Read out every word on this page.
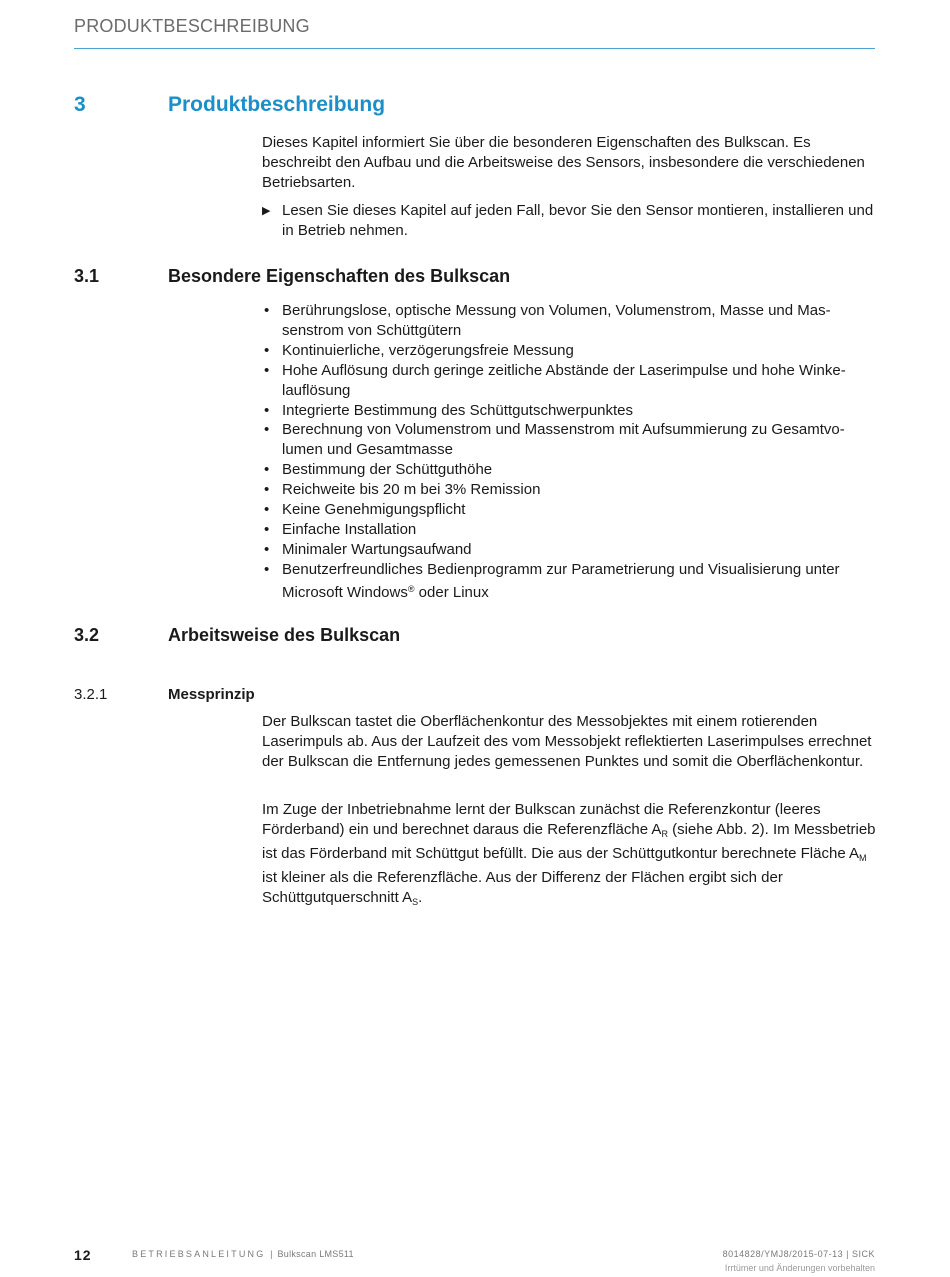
PRODUKTBESCHREIBUNG
3	Produktbeschreibung

Dieses Kapitel informiert Sie über die besonderen Eigenschaften des Bulkscan. Es beschreibt den Aufbau und die Arbeitsweise des Sensors, insbesondere die verschiedenen Betriebsarten.

▶ Lesen Sie dieses Kapitel auf jeden Fall, bevor Sie den Sensor montieren, installieren und in Betrieb nehmen.
3.1	Besondere Eigenschaften des Bulkscan
• Berührungslose, optische Messung von Volumen, Volumenstrom, Masse und Massenstrom von Schüttgütern
• Kontinuierliche, verzögerungsfreie Messung
• Hohe Auflösung durch geringe zeitliche Abstände der Laserimpulse und hohe Winkelauflösung
• Integrierte Bestimmung des Schüttgutschwerpunktes
• Berechnung von Volumenstrom und Massenstrom mit Aufsummierung zu Gesamtvolumen und Gesamtmasse
• Bestimmung der Schüttguthöhe
• Reichweite bis 20 m bei 3% Remission
• Keine Genehmigungspflicht
• Einfache Installation
• Minimaler Wartungsaufwand
• Benutzerfreundliches Bedienprogramm zur Parametrierung und Visualisierung unter Microsoft Windows® oder Linux
3.2	Arbeitsweise des Bulkscan
3.2.1	Messprinzip

Der Bulkscan tastet die Oberflächenkontur des Messobjektes mit einem rotierenden Laserimpuls ab. Aus der Laufzeit des vom Messobjekt reflektierten Laserimpulses errechnet der Bulkscan die Entfernung jedes gemessenen Punktes und somit die Oberflächenkontur.

Im Zuge der Inbetriebnahme lernt der Bulkscan zunächst die Referenzkontur (leeres Förderband) ein und berechnet daraus die Referenzfläche $A_R$ (siehe Abb. 2). Im Messbetrieb ist das Förderband mit Schüttgut befüllt. Die aus der Schüttgutkontur berechnete Fläche $A_M$ ist kleiner als die Referenzfläche. Aus der Differenz der Flächen ergibt sich der Schüttgutquerschnitt $A_S$.

12	BETRIEBSANLEITUNG | Bulkscan LMS511	8014828/YMJ8/2015-07-13 | SICK
Irrtümer und Änderungen vorbehalten
